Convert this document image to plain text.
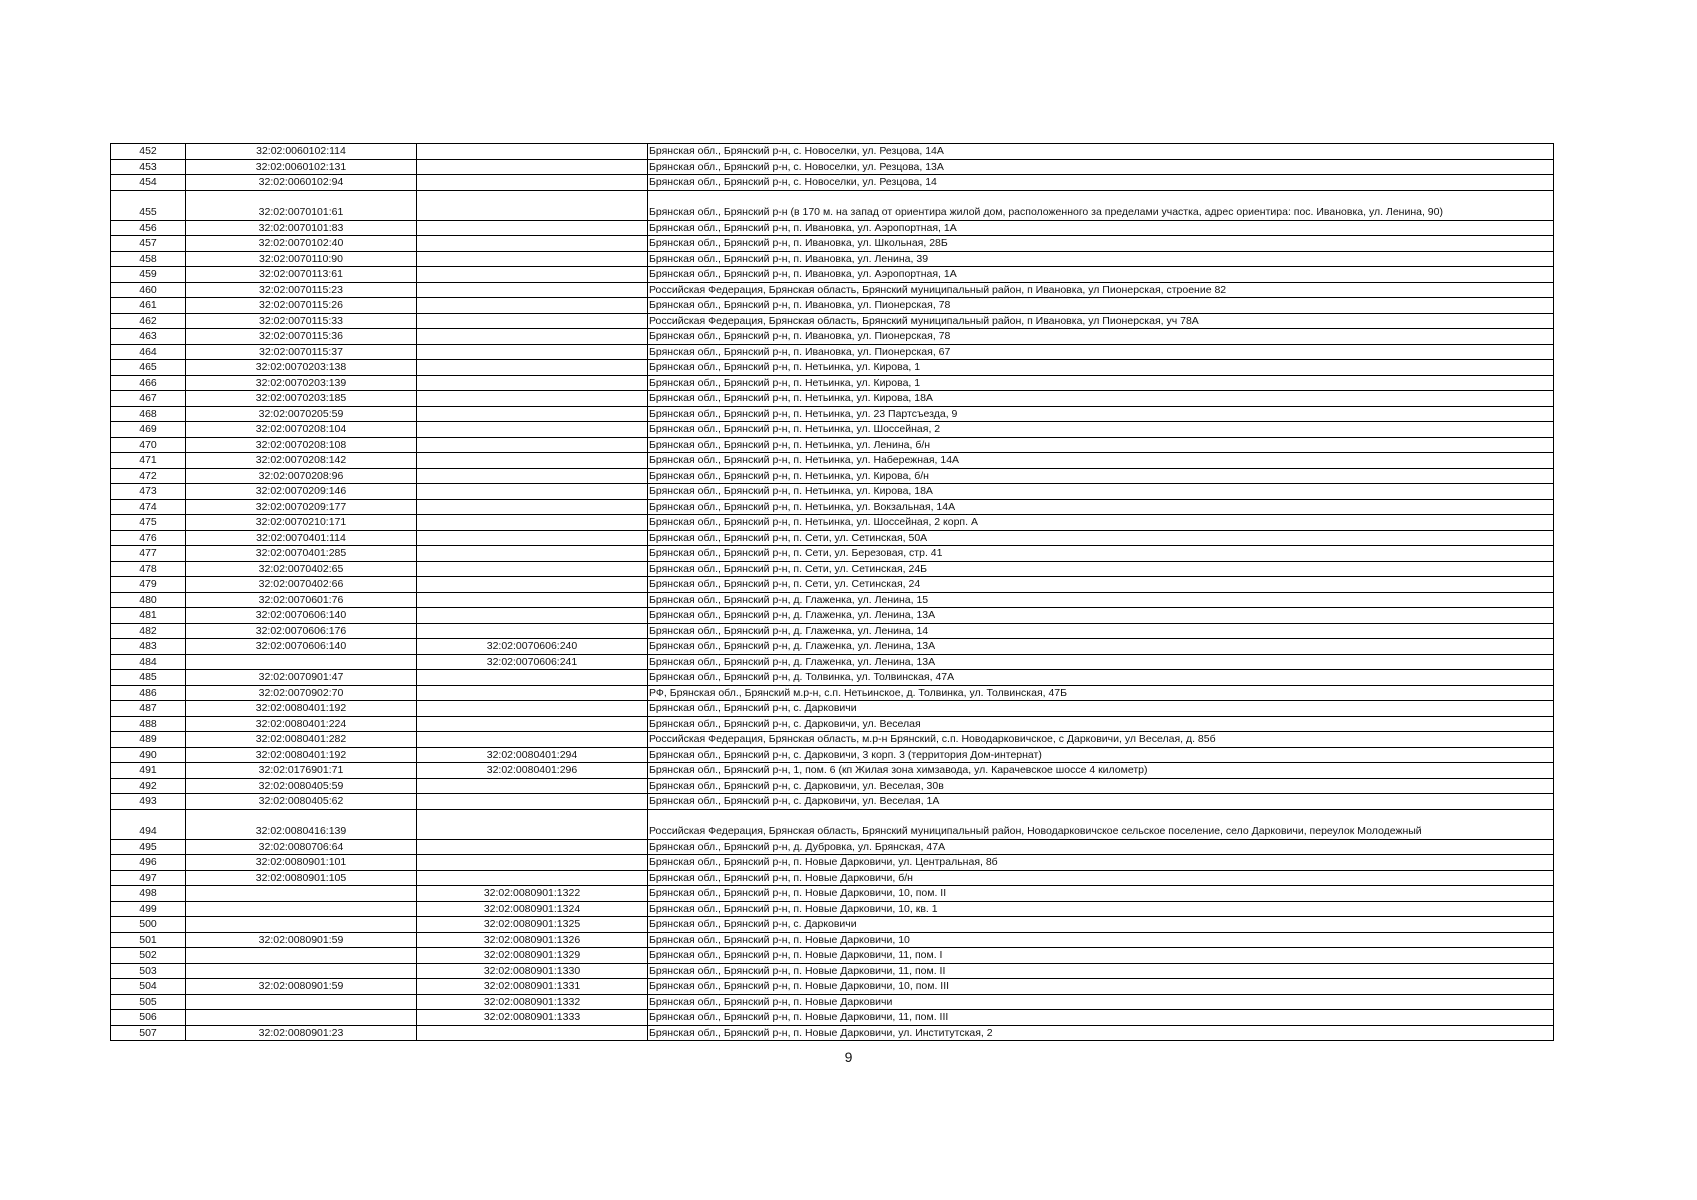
452	32:02:0060102:114		Брянская обл., Брянский р-н, с. Новоселки, ул. Резцова, 14А
453	32:02:0060102:131		Брянская обл., Брянский р-н, с. Новоселки, ул. Резцова, 13А
454	32:02:0060102:94		Брянская обл., Брянский р-н, с. Новоселки, ул. Резцова, 14
455	32:02:0070101:61		Брянская обл., Брянский р-н (в 170 м. на запад от ориентира жилой дом, расположенного за пределами участка, адрес ориентира: пос. Ивановка, ул. Ленина, 90)
456	32:02:0070101:83		Брянская обл., Брянский р-н, п. Ивановка, ул. Аэропортная, 1А
457	32:02:0070102:40		Брянская обл., Брянский р-н, п. Ивановка, ул. Школьная, 28Б
458	32:02:0070110:90		Брянская обл., Брянский р-н, п. Ивановка, ул. Ленина, 39
459	32:02:0070113:61		Брянская обл., Брянский р-н, п. Ивановка, ул. Аэропортная, 1А
460	32:02:0070115:23		Российская Федерация, Брянская область, Брянский муниципальный район, п Ивановка, ул Пионерская, строение 82
461	32:02:0070115:26		Брянская обл., Брянский р-н, п. Ивановка, ул. Пионерская, 78
462	32:02:0070115:33		Российская Федерация, Брянская область, Брянский муниципальный район, п Ивановка, ул Пионерская, уч 78А
463	32:02:0070115:36		Брянская обл., Брянский р-н, п. Ивановка, ул. Пионерская, 78
464	32:02:0070115:37		Брянская обл., Брянский р-н, п. Ивановка, ул. Пионерская, 67
465	32:02:0070203:138		Брянская обл., Брянский р-н, п. Нетьинка, ул. Кирова, 1
466	32:02:0070203:139		Брянская обл., Брянский р-н, п. Нетьинка, ул. Кирова, 1
467	32:02:0070203:185		Брянская обл., Брянский р-н, п. Нетьинка, ул. Кирова, 18А
468	32:02:0070205:59		Брянская обл., Брянский р-н, п. Нетьинка, ул. 23 Партсъезда, 9
469	32:02:0070208:104		Брянская обл., Брянский р-н, п. Нетьинка, ул. Шоссейная, 2
470	32:02:0070208:108		Брянская обл., Брянский р-н, п. Нетьинка, ул. Ленина, б/н
471	32:02:0070208:142		Брянская обл., Брянский р-н, п. Нетьинка, ул. Набережная, 14А
472	32:02:0070208:96		Брянская обл., Брянский р-н, п. Нетьинка, ул. Кирова, б/н
473	32:02:0070209:146		Брянская обл., Брянский р-н, п. Нетьинка, ул. Кирова, 18А
474	32:02:0070209:177		Брянская обл., Брянский р-н, п. Нетьинка, ул. Вокзальная, 14А
475	32:02:0070210:171		Брянская обл., Брянский р-н, п. Нетьинка, ул. Шоссейная, 2 корп. А
476	32:02:0070401:114		Брянская обл., Брянский р-н, п. Сети, ул. Сетинская, 50А
477	32:02:0070401:285		Брянская обл., Брянский р-н, п. Сети, ул. Березовая, стр. 41
478	32:02:0070402:65		Брянская обл., Брянский р-н, п. Сети, ул. Сетинская, 24Б
479	32:02:0070402:66		Брянская обл., Брянский р-н, п. Сети, ул. Сетинская, 24
480	32:02:0070601:76		Брянская обл., Брянский р-н, д. Глаженка, ул. Ленина, 15
481	32:02:0070606:140		Брянская обл., Брянский р-н, д. Глаженка, ул. Ленина, 13А
482	32:02:0070606:176		Брянская обл., Брянский р-н, д. Глаженка, ул. Ленина, 14
483	32:02:0070606:140	32:02:0070606:240	Брянская обл., Брянский р-н, д. Глаженка, ул. Ленина, 13А
484		32:02:0070606:241	Брянская обл., Брянский р-н, д. Глаженка, ул. Ленина, 13А
485	32:02:0070901:47		Брянская обл., Брянский р-н, д. Толвинка, ул. Толвинская, 47А
486	32:02:0070902:70		РФ, Брянская обл., Брянский м.р-н, с.п. Нетьинское, д. Толвинка, ул. Толвинская, 47Б
487	32:02:0080401:192		Брянская обл., Брянский р-н, с. Дарковичи
488	32:02:0080401:224		Брянская обл., Брянский р-н, с. Дарковичи, ул. Веселая
489	32:02:0080401:282		Российская Федерация, Брянская область, м.р-н Брянский, с.п. Новодарковичское, с Дарковичи, ул Веселая, д. 85б
490	32:02:0080401:192	32:02:0080401:294	Брянская обл., Брянский р-н, с. Дарковичи, 3 корп. 3 (территория Дом-интернат)
491	32:02:0176901:71	32:02:0080401:296	Брянская обл., Брянский р-н, 1, пом. 6 (кп Жилая зона химзавода, ул. Карачевское шоссе 4 километр)
492	32:02:0080405:59		Брянская обл., Брянский р-н, с. Дарковичи, ул. Веселая, 30в
493	32:02:0080405:62		Брянская обл., Брянский р-н, с. Дарковичи, ул. Веселая, 1А
494	32:02:0080416:139		Российская Федерация, Брянская область, Брянский муниципальный район, Новодарковичское сельское поселение, село Дарковичи, переулок Молодежный
495	32:02:0080706:64		Брянская обл., Брянский р-н, д. Дубровка, ул. Брянская, 47А
496	32:02:0080901:101		Брянская обл., Брянский р-н, п. Новые Дарковичи, ул. Центральная, 8б
497	32:02:0080901:105		Брянская обл., Брянский р-н, п. Новые Дарковичи, б/н
498		32:02:0080901:1322	Брянская обл., Брянский р-н, п. Новые Дарковичи, 10, пом. II
499		32:02:0080901:1324	Брянская обл., Брянский р-н, п. Новые Дарковичи, 10, кв. 1
500		32:02:0080901:1325	Брянская обл., Брянский р-н, с. Дарковичи
501	32:02:0080901:59	32:02:0080901:1326	Брянская обл., Брянский р-н, п. Новые Дарковичи, 10
502		32:02:0080901:1329	Брянская обл., Брянский р-н, п. Новые Дарковичи, 11, пом. I
503		32:02:0080901:1330	Брянская обл., Брянский р-н, п. Новые Дарковичи, 11, пом. II
504	32:02:0080901:59	32:02:0080901:1331	Брянская обл., Брянский р-н, п. Новые Дарковичи, 10, пом. III
505		32:02:0080901:1332	Брянская обл., Брянский р-н, п. Новые Дарковичи
506		32:02:0080901:1333	Брянская обл., Брянский р-н, п. Новые Дарковичи, 11, пом. III
507	32:02:0080901:23		Брянская обл., Брянский р-н, п. Новые Дарковичи, ул. Институтская, 2
9
